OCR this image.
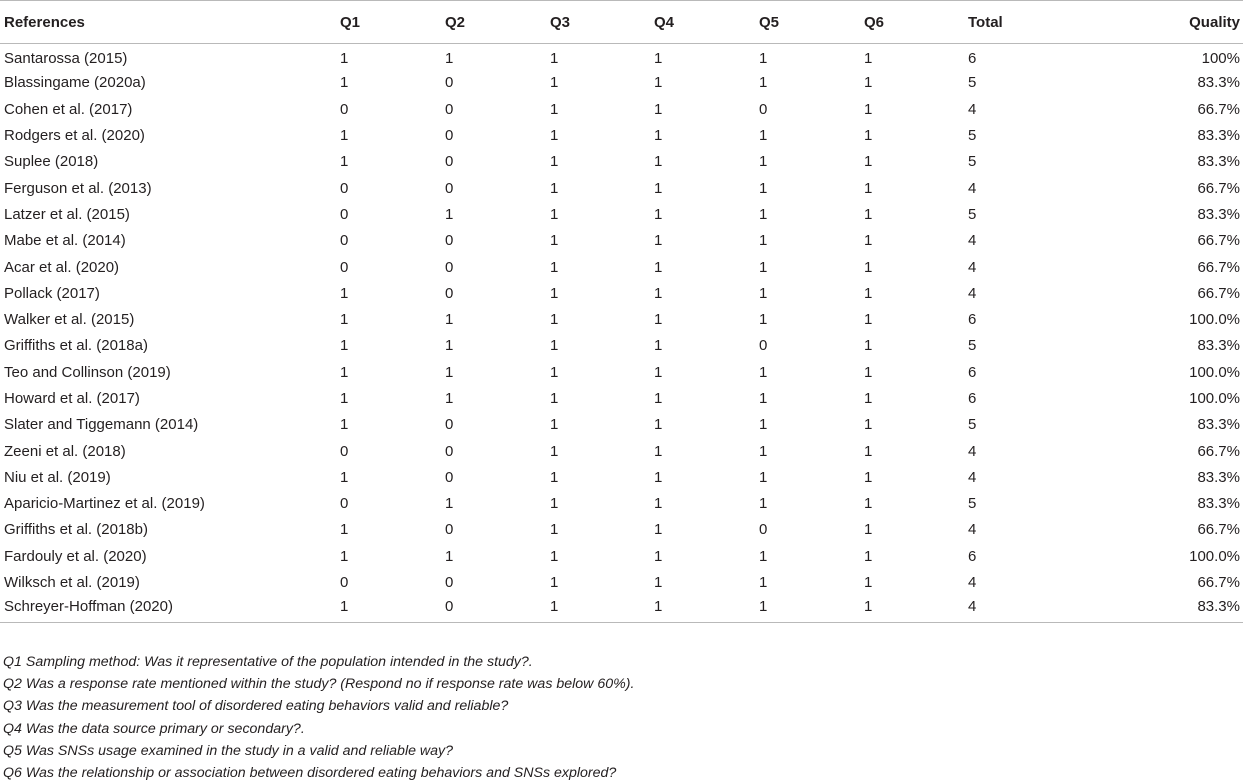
References	Q1	Q2	Q3	Q4	Q5	Q6	Total	Quality
Santarossa (2015)	1	1	1	1	1	1	6	100%
Blassingame (2020a)	1	0	1	1	1	1	5	83.3%
Cohen et al. (2017)	0	0	1	1	0	1	4	66.7%
Rodgers et al. (2020)	1	0	1	1	1	1	5	83.3%
Suplee (2018)	1	0	1	1	1	1	5	83.3%
Ferguson et al. (2013)	0	0	1	1	1	1	4	66.7%
Latzer et al. (2015)	0	1	1	1	1	1	5	83.3%
Mabe et al. (2014)	0	0	1	1	1	1	4	66.7%
Acar et al. (2020)	0	0	1	1	1	1	4	66.7%
Pollack (2017)	1	0	1	1	1	1	4	66.7%
Walker et al. (2015)	1	1	1	1	1	1	6	100.0%
Griffiths et al. (2018a)	1	1	1	1	0	1	5	83.3%
Teo and Collinson (2019)	1	1	1	1	1	1	6	100.0%
Howard et al. (2017)	1	1	1	1	1	1	6	100.0%
Slater and Tiggemann (2014)	1	0	1	1	1	1	5	83.3%
Zeeni et al. (2018)	0	0	1	1	1	1	4	66.7%
Niu et al. (2019)	1	0	1	1	1	1	4	83.3%
Aparicio-Martinez et al. (2019)	0	1	1	1	1	1	5	83.3%
Griffiths et al. (2018b)	1	0	1	1	0	1	4	66.7%
Fardouly et al. (2020)	1	1	1	1	1	1	6	100.0%
Wilksch et al. (2019)	0	0	1	1	1	1	4	66.7%
Schreyer-Hoffman (2020)	1	0	1	1	1	1	4	83.3%
Q1 Sampling method: Was it representative of the population intended in the study?.
Q2 Was a response rate mentioned within the study? (Respond no if response rate was below 60%).
Q3 Was the measurement tool of disordered eating behaviors valid and reliable?
Q4 Was the data source primary or secondary?.
Q5 Was SNSs usage examined in the study in a valid and reliable way?
Q6 Was the relationship or association between disordered eating behaviors and SNSs explored?
